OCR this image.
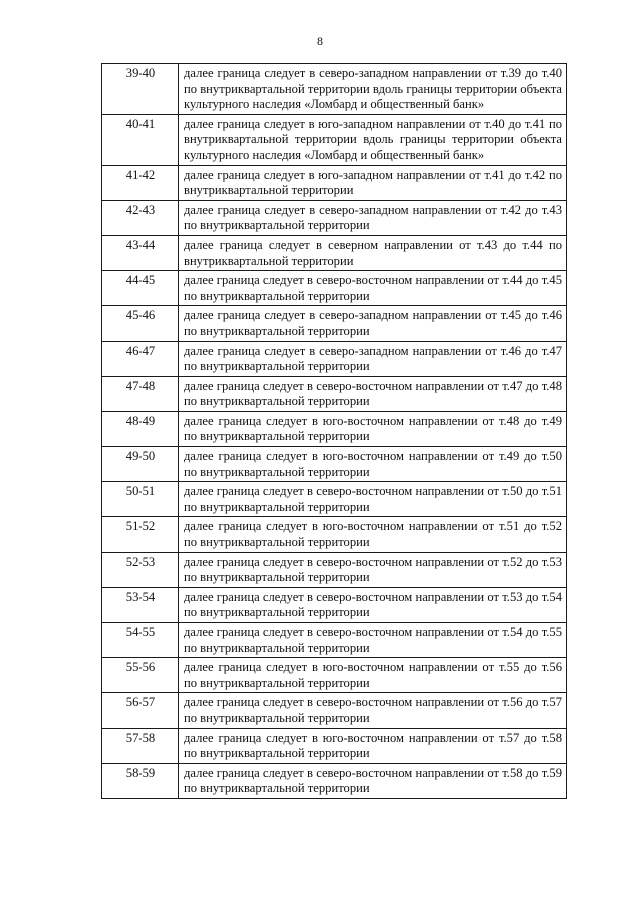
8
39-40	далее граница следует в северо-западном направлении от т.39 до т.40 по внутриквартальной территории вдоль границы территории объекта культурного наследия «Ломбард и общественный банк»
40-41	далее граница следует в юго-западном направлении от т.40 до т.41 по внутриквартальной территории вдоль границы территории объекта культурного наследия «Ломбард и общественный банк»
41-42	далее граница следует в юго-западном направлении от т.41 до т.42 по внутриквартальной территории
42-43	далее граница следует в северо-западном направлении от т.42 до т.43 по внутриквартальной территории
43-44	далее граница следует в северном направлении от т.43 до т.44 по внутриквартальной территории
44-45	далее граница следует в северо-восточном направлении от т.44 до т.45 по внутриквартальной территории
45-46	далее граница следует в северо-западном направлении от т.45 до т.46 по внутриквартальной территории
46-47	далее граница следует в северо-западном направлении от т.46 до т.47 по внутриквартальной территории
47-48	далее граница следует в северо-восточном направлении от т.47 до т.48 по внутриквартальной территории
48-49	далее граница следует в юго-восточном направлении от т.48 до т.49 по внутриквартальной территории
49-50	далее граница следует в юго-восточном направлении от т.49 до т.50 по внутриквартальной территории
50-51	далее граница следует в северо-восточном направлении от т.50 до т.51 по внутриквартальной территории
51-52	далее граница следует в юго-восточном направлении от т.51 до т.52 по внутриквартальной территории
52-53	далее граница следует в северо-восточном направлении от т.52 до т.53 по внутриквартальной территории
53-54	далее граница следует в северо-восточном направлении от т.53 до т.54 по внутриквартальной территории
54-55	далее граница следует в северо-восточном направлении от т.54 до т.55 по внутриквартальной территории
55-56	далее граница следует в юго-восточном направлении от т.55 до т.56 по внутриквартальной территории
56-57	далее граница следует в северо-восточном направлении от т.56 до т.57 по внутриквартальной территории
57-58	далее граница следует в юго-восточном направлении от т.57 до т.58 по внутриквартальной территории
58-59	далее граница следует в северо-восточном направлении от т.58 до т.59 по внутриквартальной территории
